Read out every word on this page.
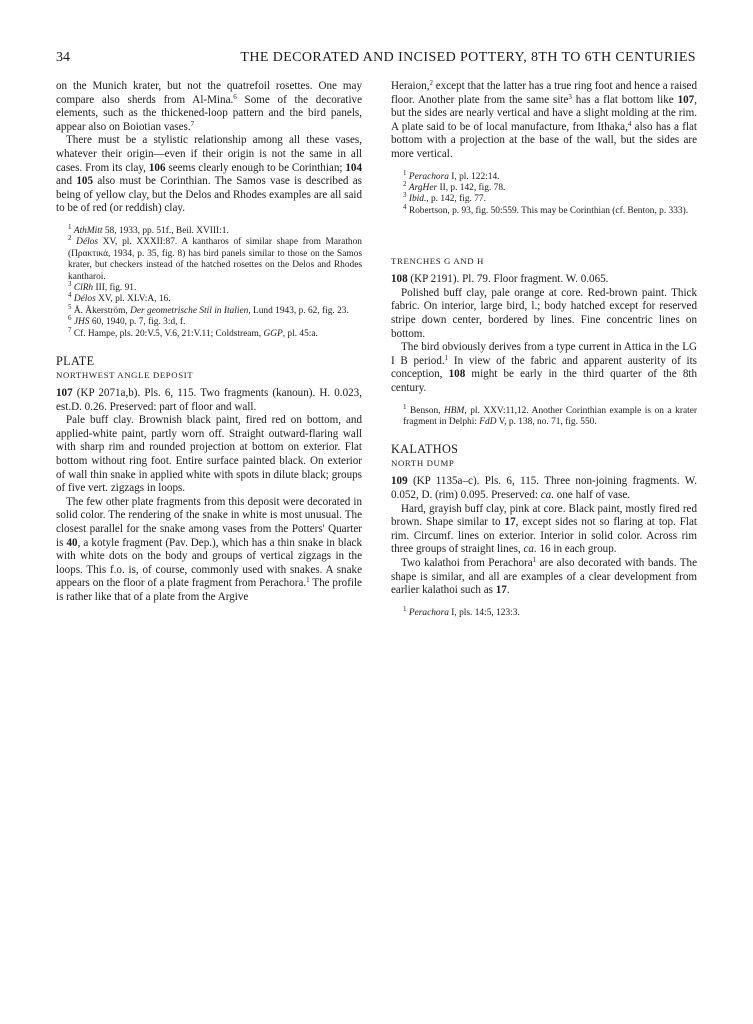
34	THE DECORATED AND INCISED POTTERY, 8TH TO 6TH CENTURIES

on the Munich krater, but not the quatrefoil rosettes. One may compare also sherds from Al-Mina.$^6$ Some of the decorative elements, such as the thickened-loop pattern and the bird panels, appear also on Boiotian vases.$^7$

There must be a stylistic relationship among all these vases, whatever their origin—even if their origin is not the same in all cases. From its clay, 106 seems clearly enough to be Corinthian; 104 and 105 also must be Corinthian. The Samos vase is described as being of yellow clay, but the Delos and Rhodes examples are all said to be of red (or reddish) clay.

$^1$ AthMitt 58, 1933, pp. 51f., Beil. XVIII:1.

$^2$ Délos XV, pl. XXXII:87. A kantharos of similar shape from Marathon (Πρακτικά, 1934, p. 35, fig. 8) has bird panels similar to those on the Samos krater, but checkers instead of the hatched rosettes on the Delos and Rhodes kantharoi.

$^3$ ClRh III, fig. 91.

$^4$ Délos XV, pl. XLV:A, 16.

$^5$ Å. Åkerström, Der geometrische Stil in Italien, Lund 1943, p. 62, fig. 23.

$^6$ JHS 60, 1940, p. 7, fig. 3:d, f.

$^7$ Cf. Hampe, pls. 20:V.5, V.6, 21:V.11; Coldstream, GGP, pl. 45:a.

PLATE
NORTHWEST ANGLE DEPOSIT

107 (KP 2071a,b). Pls. 6, 115. Two fragments (kanoun). H. 0.023, est.D. 0.26. Preserved: part of floor and wall.

Pale buff clay. Brownish black paint, fired red on bottom, and applied-white paint, partly worn off. Straight outward-flaring wall with sharp rim and rounded projection at bottom on exterior. Flat bottom without ring foot. Entire surface painted black. On exterior of wall thin snake in applied white with spots in dilute black; groups of five vert. zigzags in loops.

The few other plate fragments from this deposit were decorated in solid color. The rendering of the snake in white is most unusual. The closest parallel for the snake among vases from the Potters' Quarter is 40, a kotyle fragment (Pav. Dep.), which has a thin snake in black with white dots on the body and groups of vertical zigzags in the loops. This f.o. is, of course, commonly used with snakes. A snake appears on the floor of a plate fragment from Perachora.$^1$ The profile is rather like that of a plate from the Argive

Heraion,$^2$ except that the latter has a true ring foot and hence a raised floor. Another plate from the same site$^3$ has a flat bottom like 107, but the sides are nearly vertical and have a slight molding at the rim. A plate said to be of local manufacture, from Ithaka,$^4$ also has a flat bottom with a projection at the base of the wall, but the sides are more vertical.

$^1$ Perachora I, pl. 122:14.

$^2$ ArgHer II, p. 142, fig. 78.

$^3$ Ibid., p. 142, fig. 77.

$^4$ Robertson, p. 93, fig. 50:559. This may be Corinthian (cf. Benton, p. 333).

TRENCHES G AND H

108 (KP 2191). Pl. 79. Floor fragment. W. 0.065.

Polished buff clay, pale orange at core. Red-brown paint. Thick fabric. On interior, large bird, l.; body hatched except for reserved stripe down center, bordered by lines. Fine concentric lines on bottom.

The bird obviously derives from a type current in Attica in the LG I B period.$^1$ In view of the fabric and apparent austerity of its conception, 108 might be early in the third quarter of the 8th century.

$^1$ Benson, HBM, pl. XXV:11,12. Another Corinthian example is on a krater fragment in Delphi: FdD V, p. 138, no. 71, fig. 550.

KALATHOS
NORTH DUMP

109 (KP 1135a–c). Pls. 6, 115. Three non-joining fragments. W. 0.052, D. (rim) 0.095. Preserved: ca. one half of vase.

Hard, grayish buff clay, pink at core. Black paint, mostly fired red brown. Shape similar to 17, except sides not so flaring at top. Flat rim. Circumf. lines on exterior. Interior in solid color. Across rim three groups of straight lines, ca. 16 in each group.

Two kalathoi from Perachora$^1$ are also decorated with bands. The shape is similar, and all are examples of a clear development from earlier kalathoi such as 17.

$^1$ Perachora I, pls. 14:5, 123:3.
